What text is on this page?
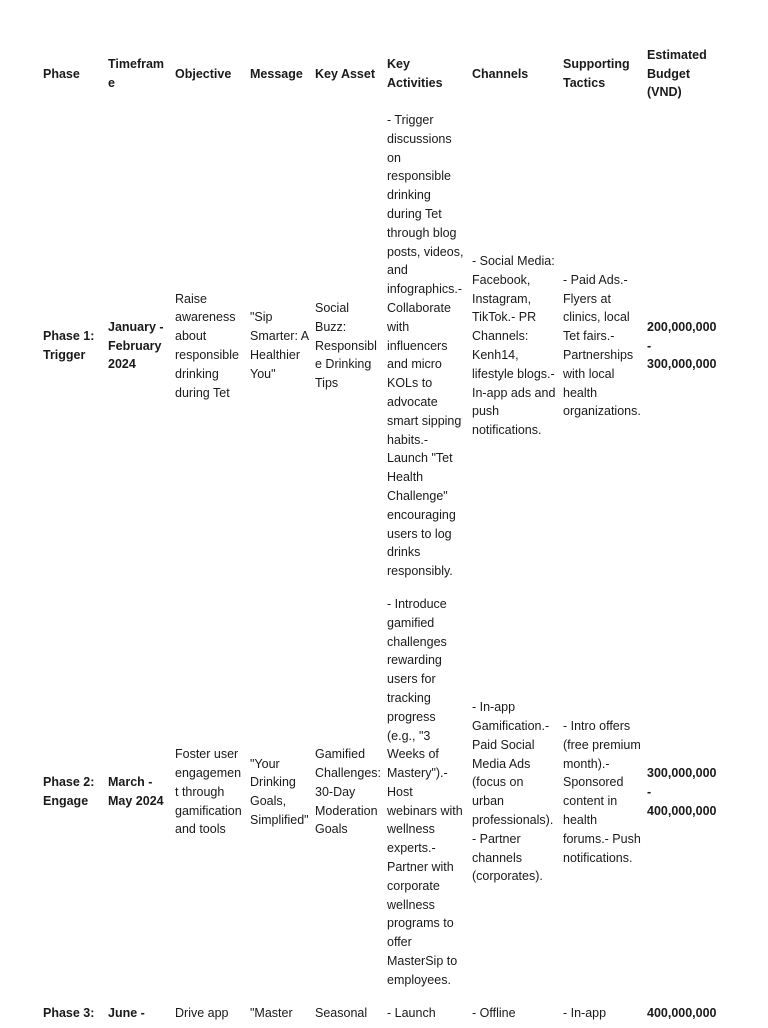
Phase	Timeframe	Objective	Message	Key Asset	Key Activities	Channels	Supporting Tactics	Estimated Budget (VND)
Phase 1: Trigger	January - February 2024	Raise awareness about responsible drinking during Tet	"Sip Smarter: A Healthier You"	Social Buzz: Responsible Drinking Tips	- Trigger discussions on responsible drinking during Tet through blog posts, videos, and infographics.- Collaborate with influencers and micro KOLs to advocate smart sipping habits.- Launch "Tet Health Challenge" encouraging users to log drinks responsibly.	- Social Media: Facebook, Instagram, TikTok.- PR Channels: Kenh14, lifestyle blogs.- In-app ads and push notifications.	- Paid Ads.- Flyers at clinics, local Tet fairs.- Partnerships with local health organizations.	200,000,000 - 300,000,000
Phase 2: Engage	March - May 2024	Foster user engagement through gamification and tools	"Your Drinking Goals, Simplified"	Gamified Challenges: 30-Day Moderation Goals	- Introduce gamified challenges rewarding users for tracking progress (e.g., "3 Weeks of Mastery").- Host webinars with wellness experts.- Partner with corporate wellness programs to offer MasterSip to employees.	- In-app Gamification.- Paid Social Media Ads (focus on urban professionals).- Partner channels (corporates).	- Intro offers (free premium month).- Sponsored content in health forums.- Push notifications.	300,000,000 - 400,000,000
Phase 3:	June -	Drive app	"Master	Seasonal	- Launch	- Offline	- In-app	400,000,000
